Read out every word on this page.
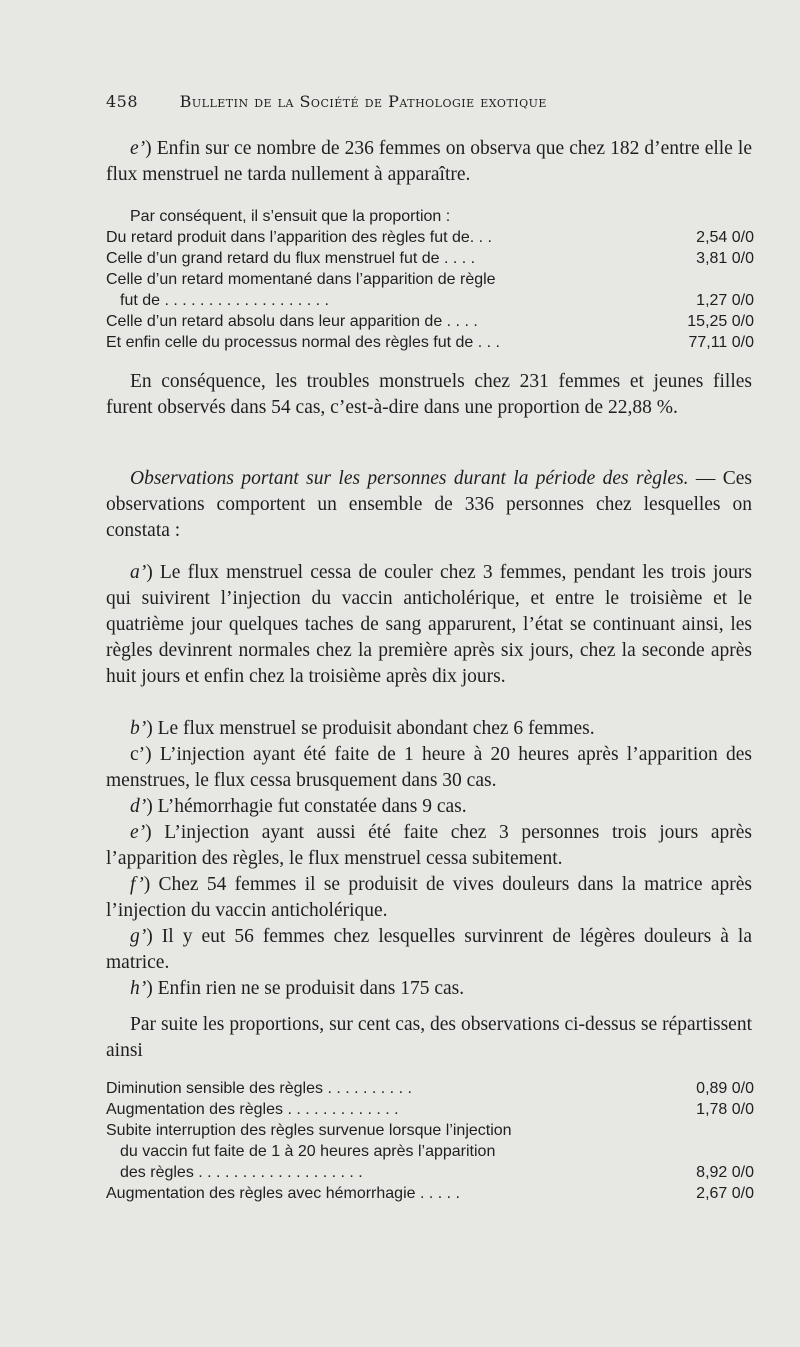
458	Bulletin de la Société de Pathologie exotique
e’) Enfin sur ce nombre de 236 femmes on observa que chez 182 d’entre elle le flux menstruel ne tarda nullement à apparaître.
Par conséquent, il s’ensuit que la proportion :
Du retard produit dans l’apparition des règles fut de. . .	2,54 0/0
Celle d’un grand retard du flux menstruel fut de . . . .	3,81 0/0
Celle d’un retard momentané dans l’apparition de règle
fut de . . . . . . . . . . . . . . . . . . .	1,27 0/0
Celle d’un retard absolu dans leur apparition de . . . .	15,25 0/0
Et enfin celle du processus normal des règles fut de . . .	77,11 0/0
En conséquence, les troubles monstruels chez 231 femmes et jeunes filles furent observés dans 54 cas, c’est-à-dire dans une proportion de 22,88 %.
Observations portant sur les personnes durant la période des règles. — Ces observations comportent un ensemble de 336 personnes chez lesquelles on constata :
a’) Le flux menstruel cessa de couler chez 3 femmes, pendant les trois jours qui suivirent l’injection du vaccin anticholérique, et entre le troisième et le quatrième jour quelques taches de sang apparurent, l’état se continuant ainsi, les règles devinrent normales chez la première après six jours, chez la seconde après huit jours et enfin chez la troisième après dix jours.
b’) Le flux menstruel se produisit abondant chez 6 femmes.
c’) L’injection ayant été faite de 1 heure à 20 heures après l’apparition des menstrues, le flux cessa brusquement dans 30 cas.
d’) L’hémorrhagie fut constatée dans 9 cas.
e’) L’injection ayant aussi été faite chez 3 personnes trois jours après l’apparition des règles, le flux menstruel cessa subitement.
f’) Chez 54 femmes il se produisit de vives douleurs dans la matrice après l’injection du vaccin anticholérique.
g’) Il y eut 56 femmes chez lesquelles survinrent de légères douleurs à la matrice.
h’) Enfin rien ne se produisit dans 175 cas.
Par suite les proportions, sur cent cas, des observations ci-dessus se répartissent ainsi
Diminution sensible des règles . . . . . . . . . .	0,89 0/0
Augmentation des règles . . . . . . . . . . . . .	1,78 0/0
Subite interruption des règles survenue lorsque l’injection
du vaccin fut faite de 1 à 20 heures après l’apparition
des règles . . . . . . . . . . . . . . . . . . .	8,92 0/0
Augmentation des règles avec hémorrhagie . . . . .	2,67 0/0
